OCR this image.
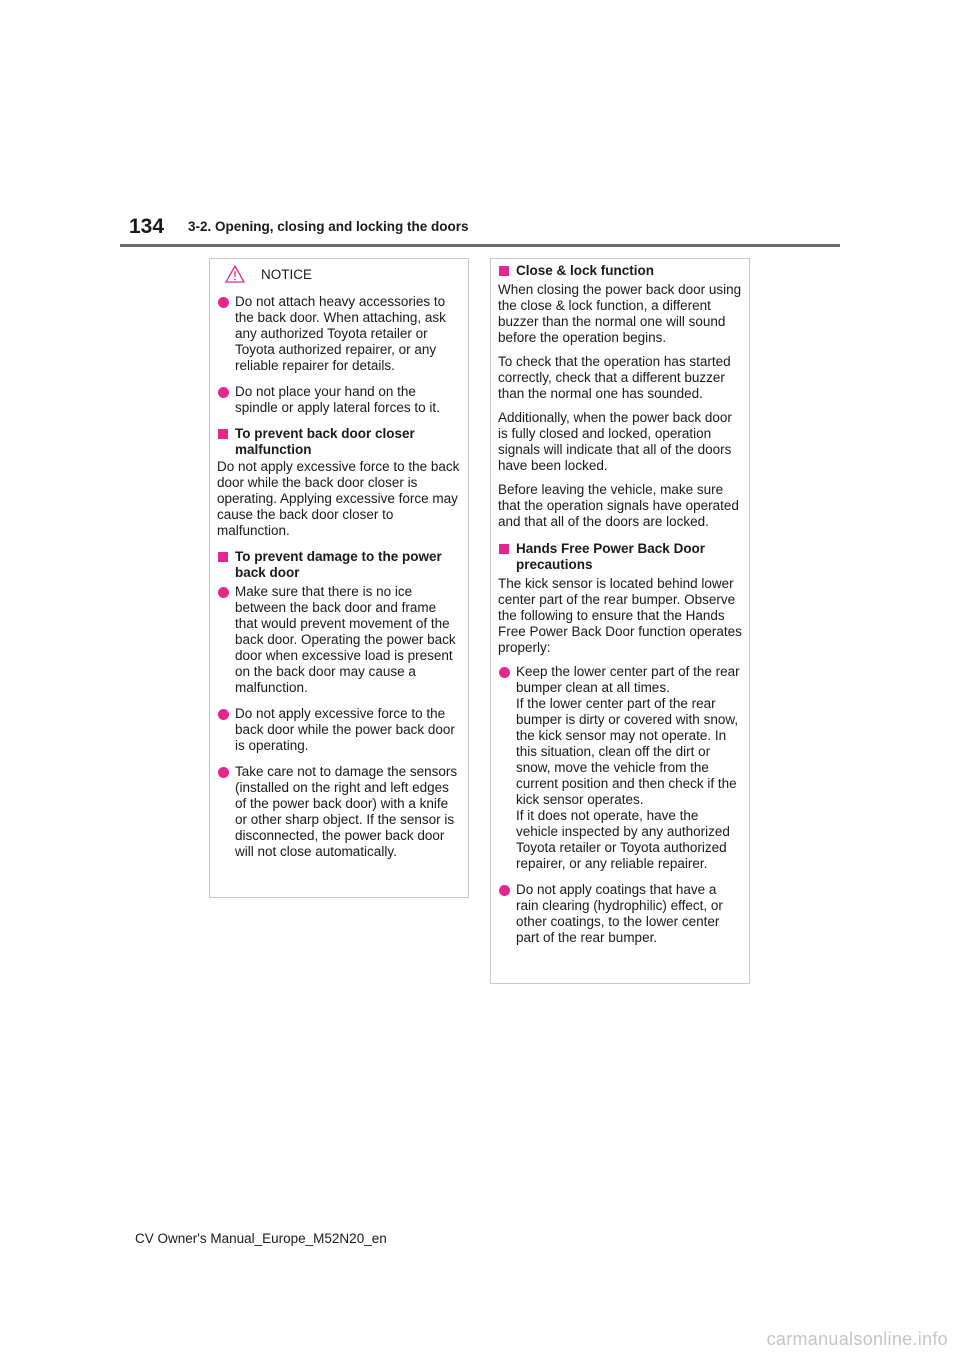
134 3-2. Opening, closing and locking the doors
NOTICE
Do not attach heavy accessories to the back door. When attaching, ask any authorized Toyota retailer or Toyota authorized repairer, or any reliable repairer for details.
Do not place your hand on the spindle or apply lateral forces to it.
To prevent back door closer malfunction
Do not apply excessive force to the back door while the back door closer is operating. Applying excessive force may cause the back door closer to malfunction.
To prevent damage to the power back door
Make sure that there is no ice between the back door and frame that would prevent movement of the back door. Operating the power back door when excessive load is present on the back door may cause a malfunction.
Do not apply excessive force to the back door while the power back door is operating.
Take care not to damage the sensors (installed on the right and left edges of the power back door) with a knife or other sharp object. If the sensor is disconnected, the power back door will not close automatically.
Close & lock function
When closing the power back door using the close & lock function, a different buzzer than the normal one will sound before the operation begins.
To check that the operation has started correctly, check that a different buzzer than the normal one has sounded.
Additionally, when the power back door is fully closed and locked, operation signals will indicate that all of the doors have been locked.
Before leaving the vehicle, make sure that the operation signals have operated and that all of the doors are locked.
Hands Free Power Back Door precautions
The kick sensor is located behind lower center part of the rear bumper. Observe the following to ensure that the Hands Free Power Back Door function operates properly:
Keep the lower center part of the rear bumper clean at all times.
If the lower center part of the rear bumper is dirty or covered with snow, the kick sensor may not operate. In this situation, clean off the dirt or snow, move the vehicle from the current position and then check if the kick sensor operates.
If it does not operate, have the vehicle inspected by any authorized Toyota retailer or Toyota authorized repairer, or any reliable repairer.
Do not apply coatings that have a rain clearing (hydrophilic) effect, or other coatings, to the lower center part of the rear bumper.
CV Owner's Manual_Europe_M52N20_en
carmanualsonline.info
